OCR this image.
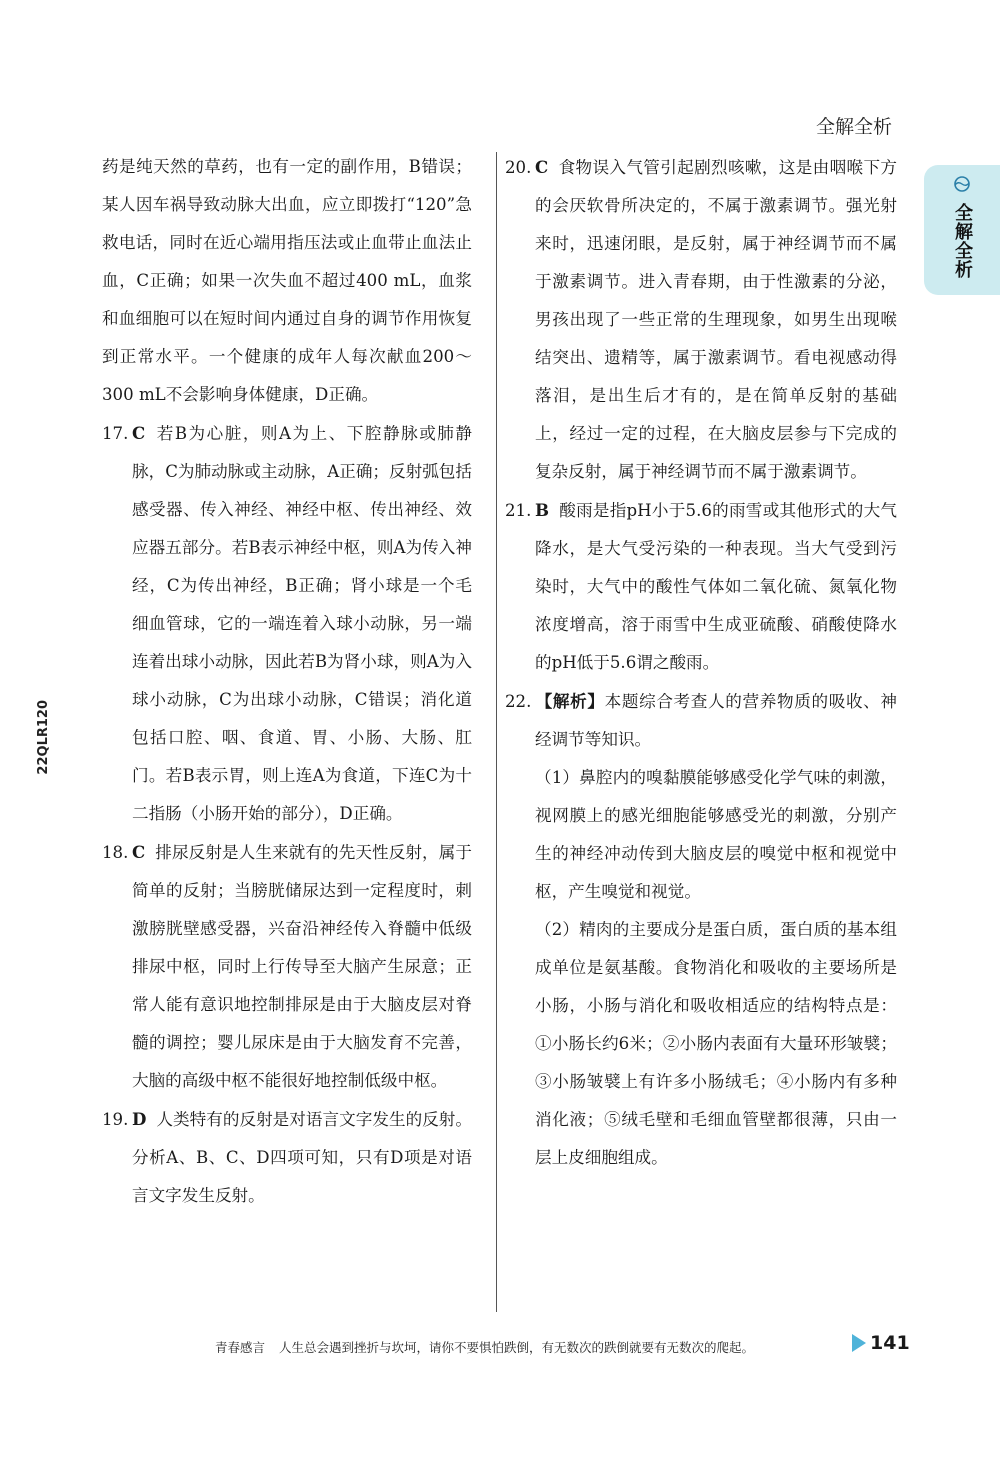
全解全析
全解全析
22QLR120

药是纯天然的草药，也有一定的副作用，B错误；某人因车祸导致动脉大出血，应立即拨打“120”急救电话，同时在近心端用指压法或止血带止血法止血，C正确；如果一次失血不超过400 mL，血浆和血细胞可以在短时间内通过自身的调节作用恢复到正常水平。一个健康的成年人每次献血200～300 mL不会影响身体健康，D正确。

17. C 若B为心脏，则A为上、下腔静脉或肺静脉，C为肺动脉或主动脉，A正确；反射弧包括感受器、传入神经、神经中枢、传出神经、效应器五部分。若B表示神经中枢，则A为传入神经，C为传出神经，B正确；肾小球是一个毛细血管球，它的一端连着入球小动脉，另一端连着出球小动脉，因此若B为肾小球，则A为入球小动脉，C为出球小动脉，C错误；消化道包括口腔、咽、食道、胃、小肠、大肠、肛门。若B表示胃，则上连A为食道，下连C为十二指肠（小肠开始的部分），D正确。

18. C 排尿反射是人生来就有的先天性反射，属于简单的反射；当膀胱储尿达到一定程度时，刺激膀胱壁感受器，兴奋沿神经传入脊髓中低级排尿中枢，同时上行传导至大脑产生尿意；正常人能有意识地控制排尿是由于大脑皮层对脊髓的调控；婴儿尿床是由于大脑发育不完善，大脑的高级中枢不能很好地控制低级中枢。

19. D 人类特有的反射是对语言文字发生的反射。分析A、B、C、D四项可知，只有D项是对语言文字发生反射。

20. C 食物误入气管引起剧烈咳嗽，这是由咽喉下方的会厌软骨所决定的，不属于激素调节。强光射来时，迅速闭眼，是反射，属于神经调节而不属于激素调节。进入青春期，由于性激素的分泌，男孩出现了一些正常的生理现象，如男生出现喉结突出、遗精等，属于激素调节。看电视感动得落泪，是出生后才有的，是在简单反射的基础上，经过一定的过程，在大脑皮层参与下完成的复杂反射，属于神经调节而不属于激素调节。

21. B 酸雨是指pH小于5.6的雨雪或其他形式的大气降水，是大气受污染的一种表现。当大气受到污染时，大气中的酸性气体如二氧化硫、氮氧化物浓度增高，溶于雨雪中生成亚硫酸、硝酸使降水的pH低于5.6谓之酸雨。

22. 【解析】本题综合考查人的营养物质的吸收、神经调节等知识。

（1）鼻腔内的嗅黏膜能够感受化学气味的刺激，视网膜上的感光细胞能够感受光的刺激，分别产生的神经冲动传到大脑皮层的嗅觉中枢和视觉中枢，产生嗅觉和视觉。

（2）精肉的主要成分是蛋白质，蛋白质的基本组成单位是氨基酸。食物消化和吸收的主要场所是小肠，小肠与消化和吸收相适应的结构特点是：①小肠长约6米；②小肠内表面有大量环形皱襞；③小肠皱襞上有许多小肠绒毛；④小肠内有多种消化液；⑤绒毛壁和毛细血管壁都很薄，只由一层上皮细胞组成。

青春感言 人生总会遇到挫折与坎坷，请你不要惧怕跌倒，有无数次的跌倒就要有无数次的爬起。	141
